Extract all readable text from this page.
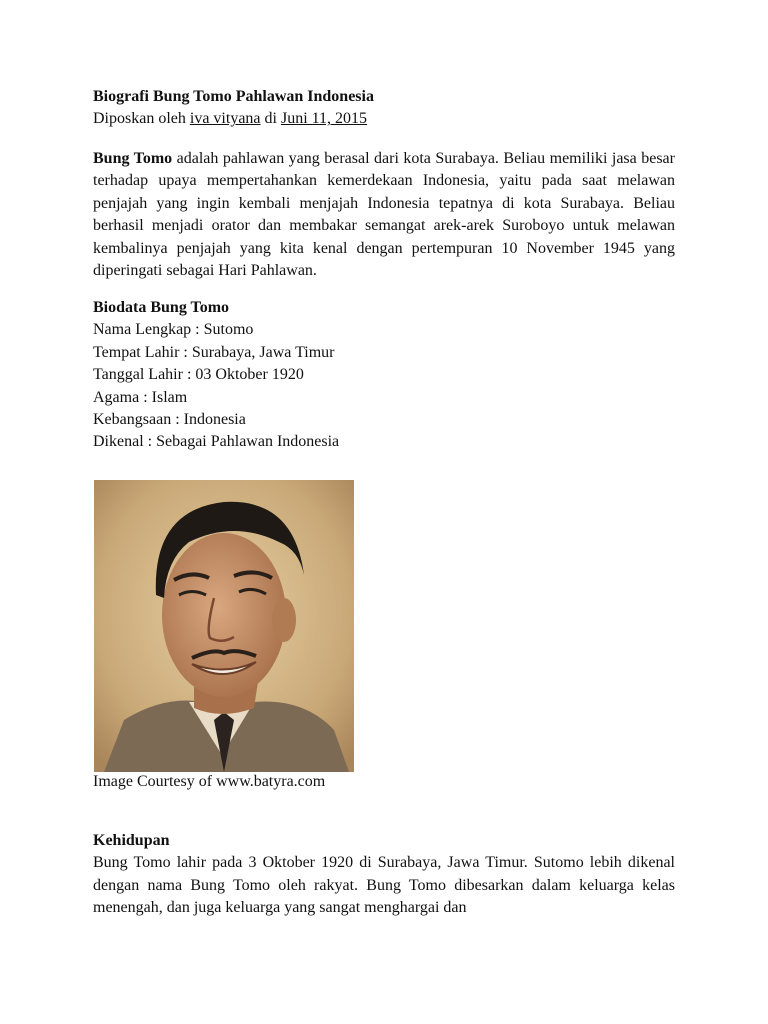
Biografi Bung Tomo Pahlawan Indonesia

Diposkan oleh iva vityana di Juni 11, 2015

Bung Tomo adalah pahlawan yang berasal dari kota Surabaya. Beliau memiliki jasa besar terhadap upaya mempertahankan kemerdekaan Indonesia, yaitu pada saat melawan penjajah yang ingin kembali menjajah Indonesia tepatnya di kota Surabaya. Beliau berhasil menjadi orator dan membakar semangat arek-arek Suroboyo untuk melawan kembalinya penjajah yang kita kenal dengan pertempuran 10 November 1945 yang diperingati sebagai Hari Pahlawan.

Biodata Bung Tomo

Nama Lengkap : Sutomo
Tempat Lahir : Surabaya, Jawa Timur
Tanggal Lahir : 03 Oktober 1920
Agama : Islam
Kebangsaan : Indonesia
Dikenal : Sebagai Pahlawan Indonesia

Image Courtesy of www.batyra.com

Kehidupan

Bung Tomo lahir pada 3 Oktober 1920 di Surabaya, Jawa Timur. Sutomo lebih dikenal dengan nama Bung Tomo oleh rakyat. Bung Tomo dibesarkan dalam keluarga kelas menengah, dan juga keluarga yang sangat menghargai dan
